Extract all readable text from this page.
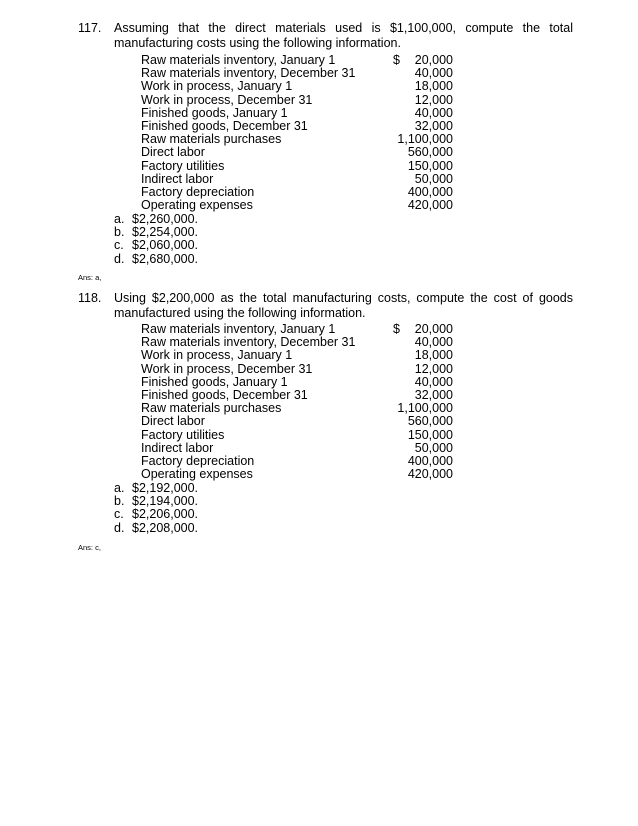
117. Assuming that the direct materials used is $1,100,000, compute the total manufacturing costs using the following information.
Raw materials inventory, January 1	$ 20,000
Raw materials inventory, December 31	40,000
Work in process, January 1	18,000
Work in process, December 31	12,000
Finished goods, January 1	40,000
Finished goods, December 31	32,000
Raw materials purchases	1,100,000
Direct labor	560,000
Factory utilities	150,000
Indirect labor	50,000
Factory depreciation	400,000
Operating expenses	420,000
a. $2,260,000.
b. $2,254,000.
c. $2,060,000.
d. $2,680,000.
Ans: a,
118. Using $2,200,000 as the total manufacturing costs, compute the cost of goods manufactured using the following information.
Raw materials inventory, January 1	$ 20,000
Raw materials inventory, December 31	40,000
Work in process, January 1	18,000
Work in process, December 31	12,000
Finished goods, January 1	40,000
Finished goods, December 31	32,000
Raw materials purchases	1,100,000
Direct labor	560,000
Factory utilities	150,000
Indirect labor	50,000
Factory depreciation	400,000
Operating expenses	420,000
a. $2,192,000.
b. $2,194,000.
c. $2,206,000.
d. $2,208,000.
Ans: c,
